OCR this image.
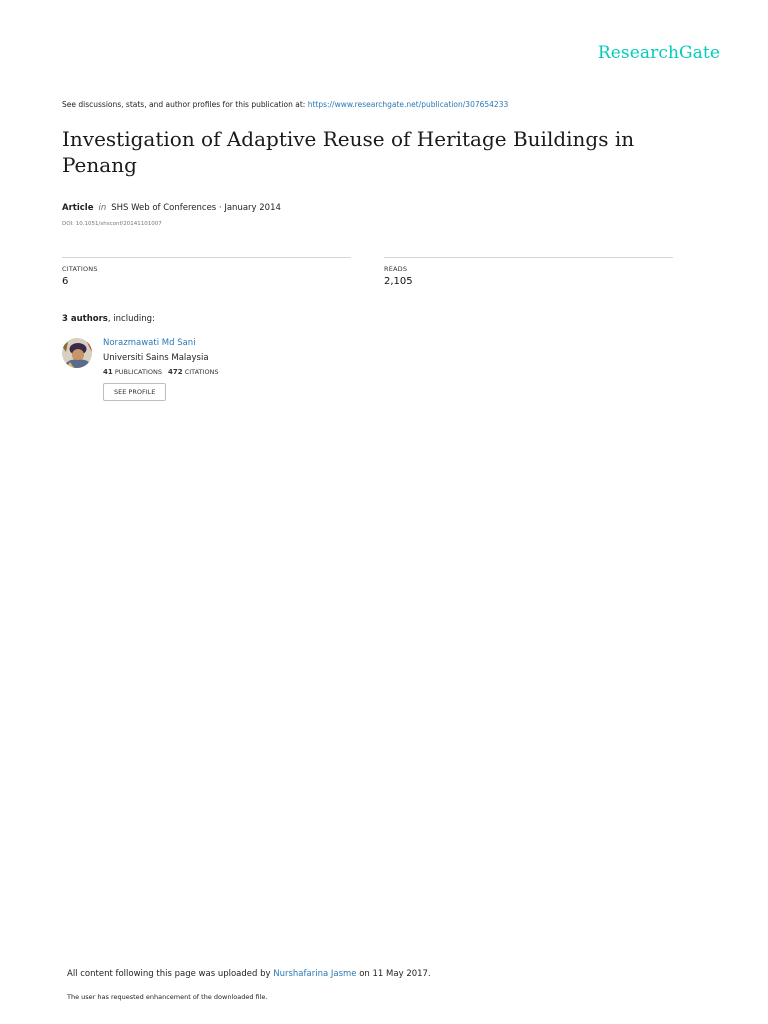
ResearchGate
See discussions, stats, and author profiles for this publication at: https://www.researchgate.net/publication/307654233
Investigation of Adaptive Reuse of Heritage Buildings in Penang
Article in SHS Web of Conferences · January 2014
DOI: 10.1051/shsconf/20141101007
CITATIONS
6
READS
2,105
3 authors, including:
Norazmawati Md Sani
Universiti Sains Malaysia
41 PUBLICATIONS 472 CITATIONS
SEE PROFILE
All content following this page was uploaded by Nurshafarina Jasme on 11 May 2017.
The user has requested enhancement of the downloaded file.
